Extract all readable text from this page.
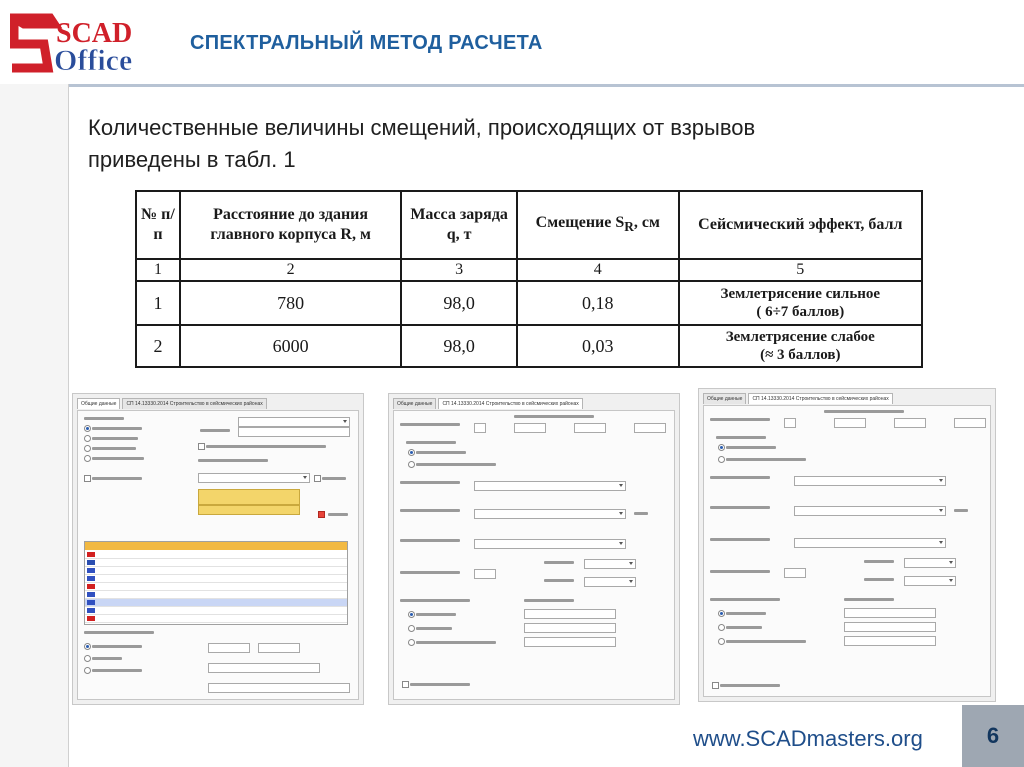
SCAD
Office
СПЕКТРАЛЬНЫЙ МЕТОД РАСЧЕТА
Количественные величины смещений, происходящих от взрывов
приведены в табл. 1
№ п/п	Расстояние до здания главного корпуса R, м	Масса заряда q, т	Смещение $S_R$, см	Сейсмический эффект, балл
1	2	3	4	5
1	780	98,0	0,18	Землетрясение сильное
( 6÷7 баллов)

2	6000	98,0	0,03	Землетрясение слабое
(≈ 3 баллов)
Общие данные	СП 14.13330.2014 Строительство в сейсмических районах	Общие данные	СП 14.13330.2014 Строительство в сейсмических районах
Общие данные	СП 14.13330.2014 Строительство в сейсмических районах
www.SCADmasters.org	6
